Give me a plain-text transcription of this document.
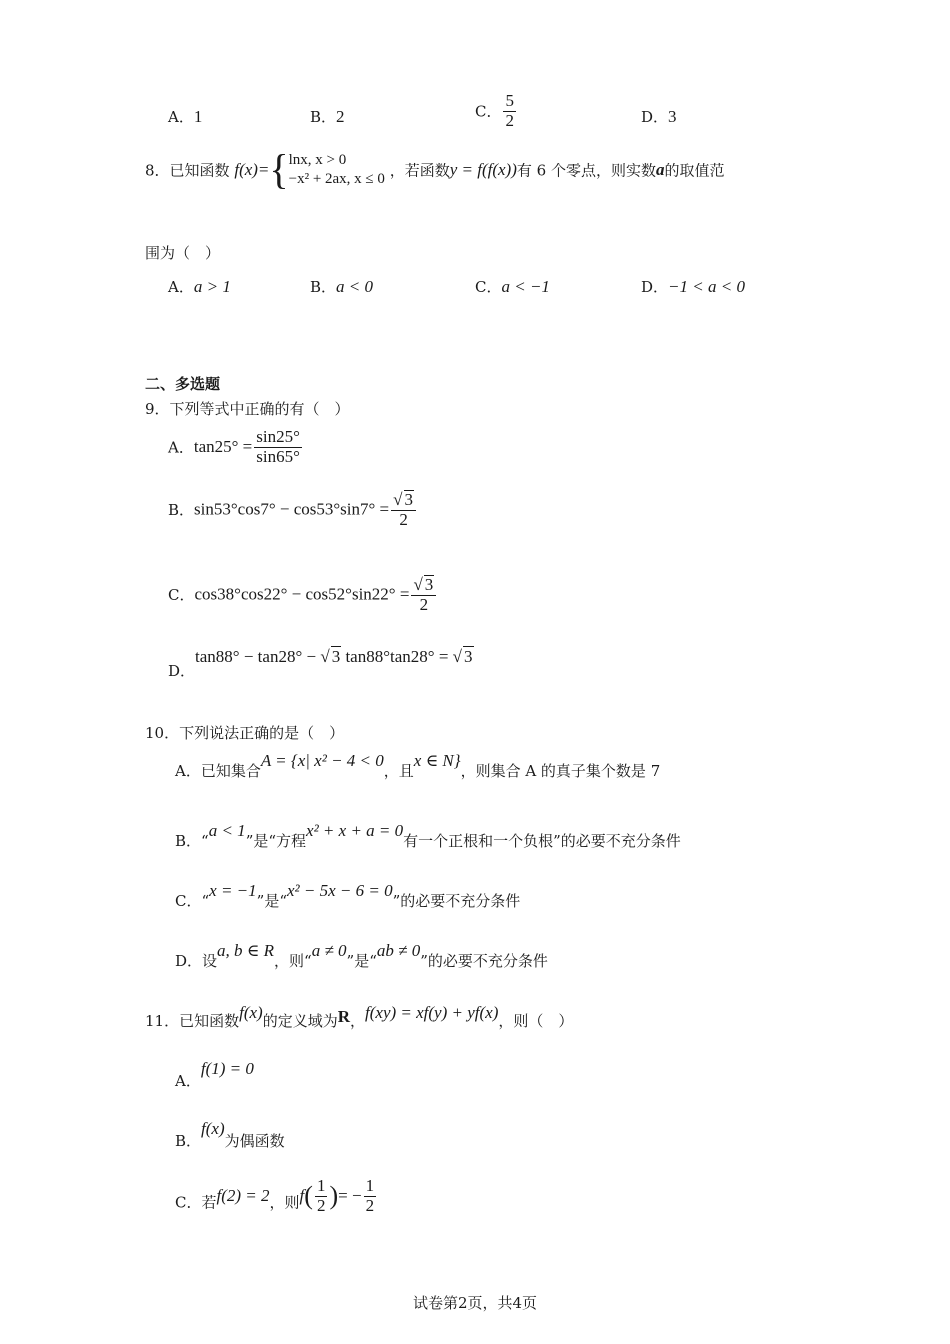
A．1	B．2	C． $\frac{5}{2}$	D．3
8．已知函数 f(x)={ lnx, x > 0
−x² + 2ax, x ≤ 0 ，若函数y = f(f(x))有 6 个零点，则实数a的取值范
围为（　）
A．a > 1	B．a < 0	C．a < −1	D．−1 < a < 0
二、多选题
9．下列等式中正确的有（　）
A．$\tan 25^\circ = \frac{\sin 25^\circ}{\sin 65^\circ}$
B．$\sin 53^\circ\cos 7^\circ - \cos 53^\circ\sin 7^\circ = \frac{√ 3}{2}$
C．$\cos 38^\circ\cos 22^\circ - \cos 52^\circ\sin 22^\circ = \frac{√ 3}{2}$
D．tan88° − tan28° − √ 3 tan88°tan28° = √ 3
10．下列说法正确的是（　）
A．已知集合A = {x| x² − 4 < 0，且x ∈ N}，则集合 A 的真子集个数是 7
B．“a < 1”是“方程x² + x + a = 0有一个正根和一个负根”的必要不充分条件
C．“x = −1”是“x² − 5x − 6 = 0”的必要不充分条件
D．设a, b ∈ R，则“a ≠ 0”是“ab ≠ 0”的必要不充分条件
11．已知函数f(x)的定义域为R，f(xy) = xf(y) + yf(x)，则（　）
A．f(1) = 0
B．f(x)为偶函数
C．若f(2) = 2，则$f( \frac{1}{2}$ )= − $\frac{1}{2}$
试卷第2页，共4页
